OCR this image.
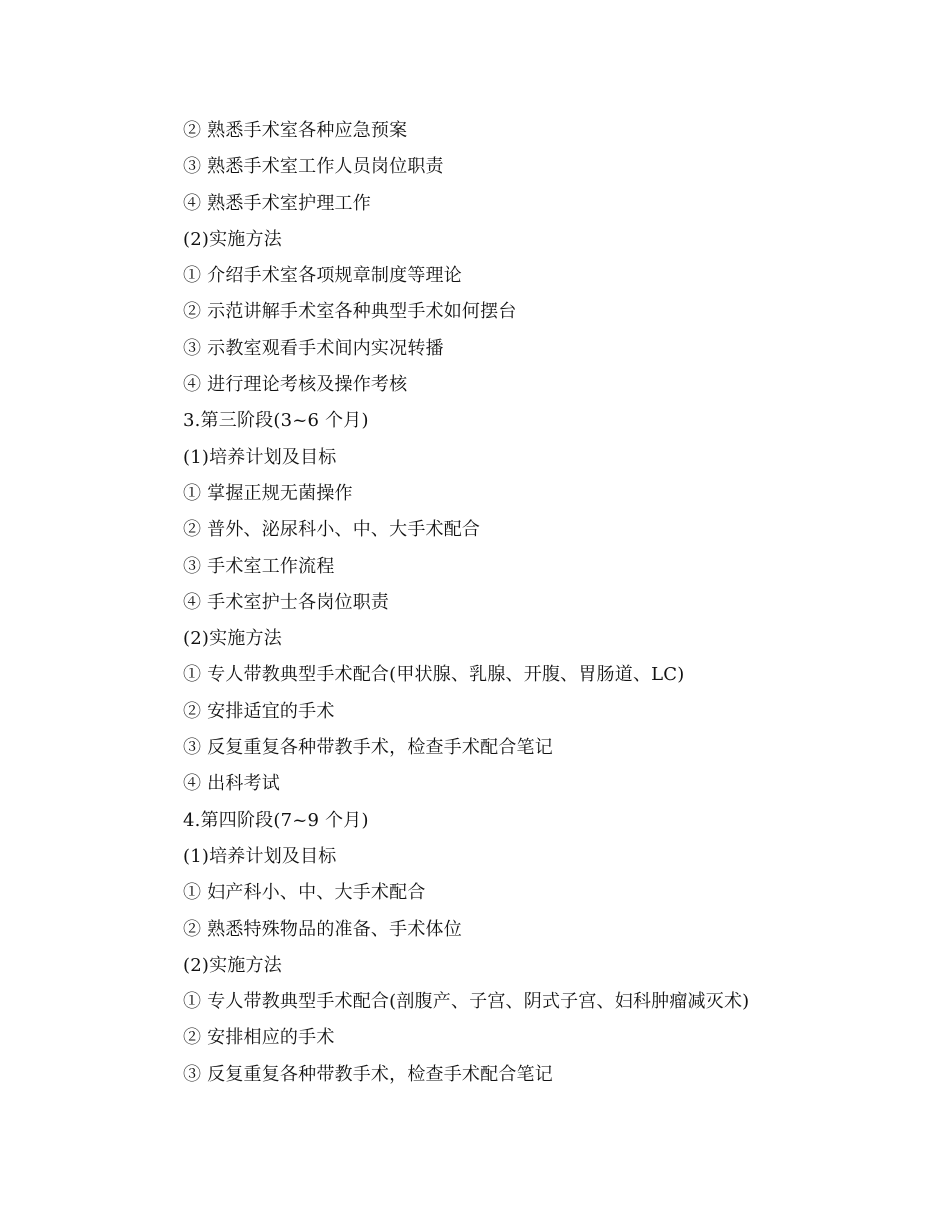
② 熟悉手术室各种应急预案
③ 熟悉手术室工作人员岗位职责
④ 熟悉手术室护理工作
(2)实施方法
① 介绍手术室各项规章制度等理论
② 示范讲解手术室各种典型手术如何摆台
③ 示教室观看手术间内实况转播
④ 进行理论考核及操作考核
3.第三阶段(3~6 个月)
(1)培养计划及目标
① 掌握正规无菌操作
② 普外、泌尿科小、中、大手术配合
③ 手术室工作流程
④ 手术室护士各岗位职责
(2)实施方法
① 专人带教典型手术配合(甲状腺、乳腺、开腹、胃肠道、LC)
② 安排适宜的手术
③ 反复重复各种带教手术，检查手术配合笔记
④ 出科考试
4.第四阶段(7~9 个月)
(1)培养计划及目标
① 妇产科小、中、大手术配合
② 熟悉特殊物品的准备、手术体位
(2)实施方法
① 专人带教典型手术配合(剖腹产、子宫、阴式子宫、妇科肿瘤减灭术)
② 安排相应的手术
③ 反复重复各种带教手术，检查手术配合笔记
